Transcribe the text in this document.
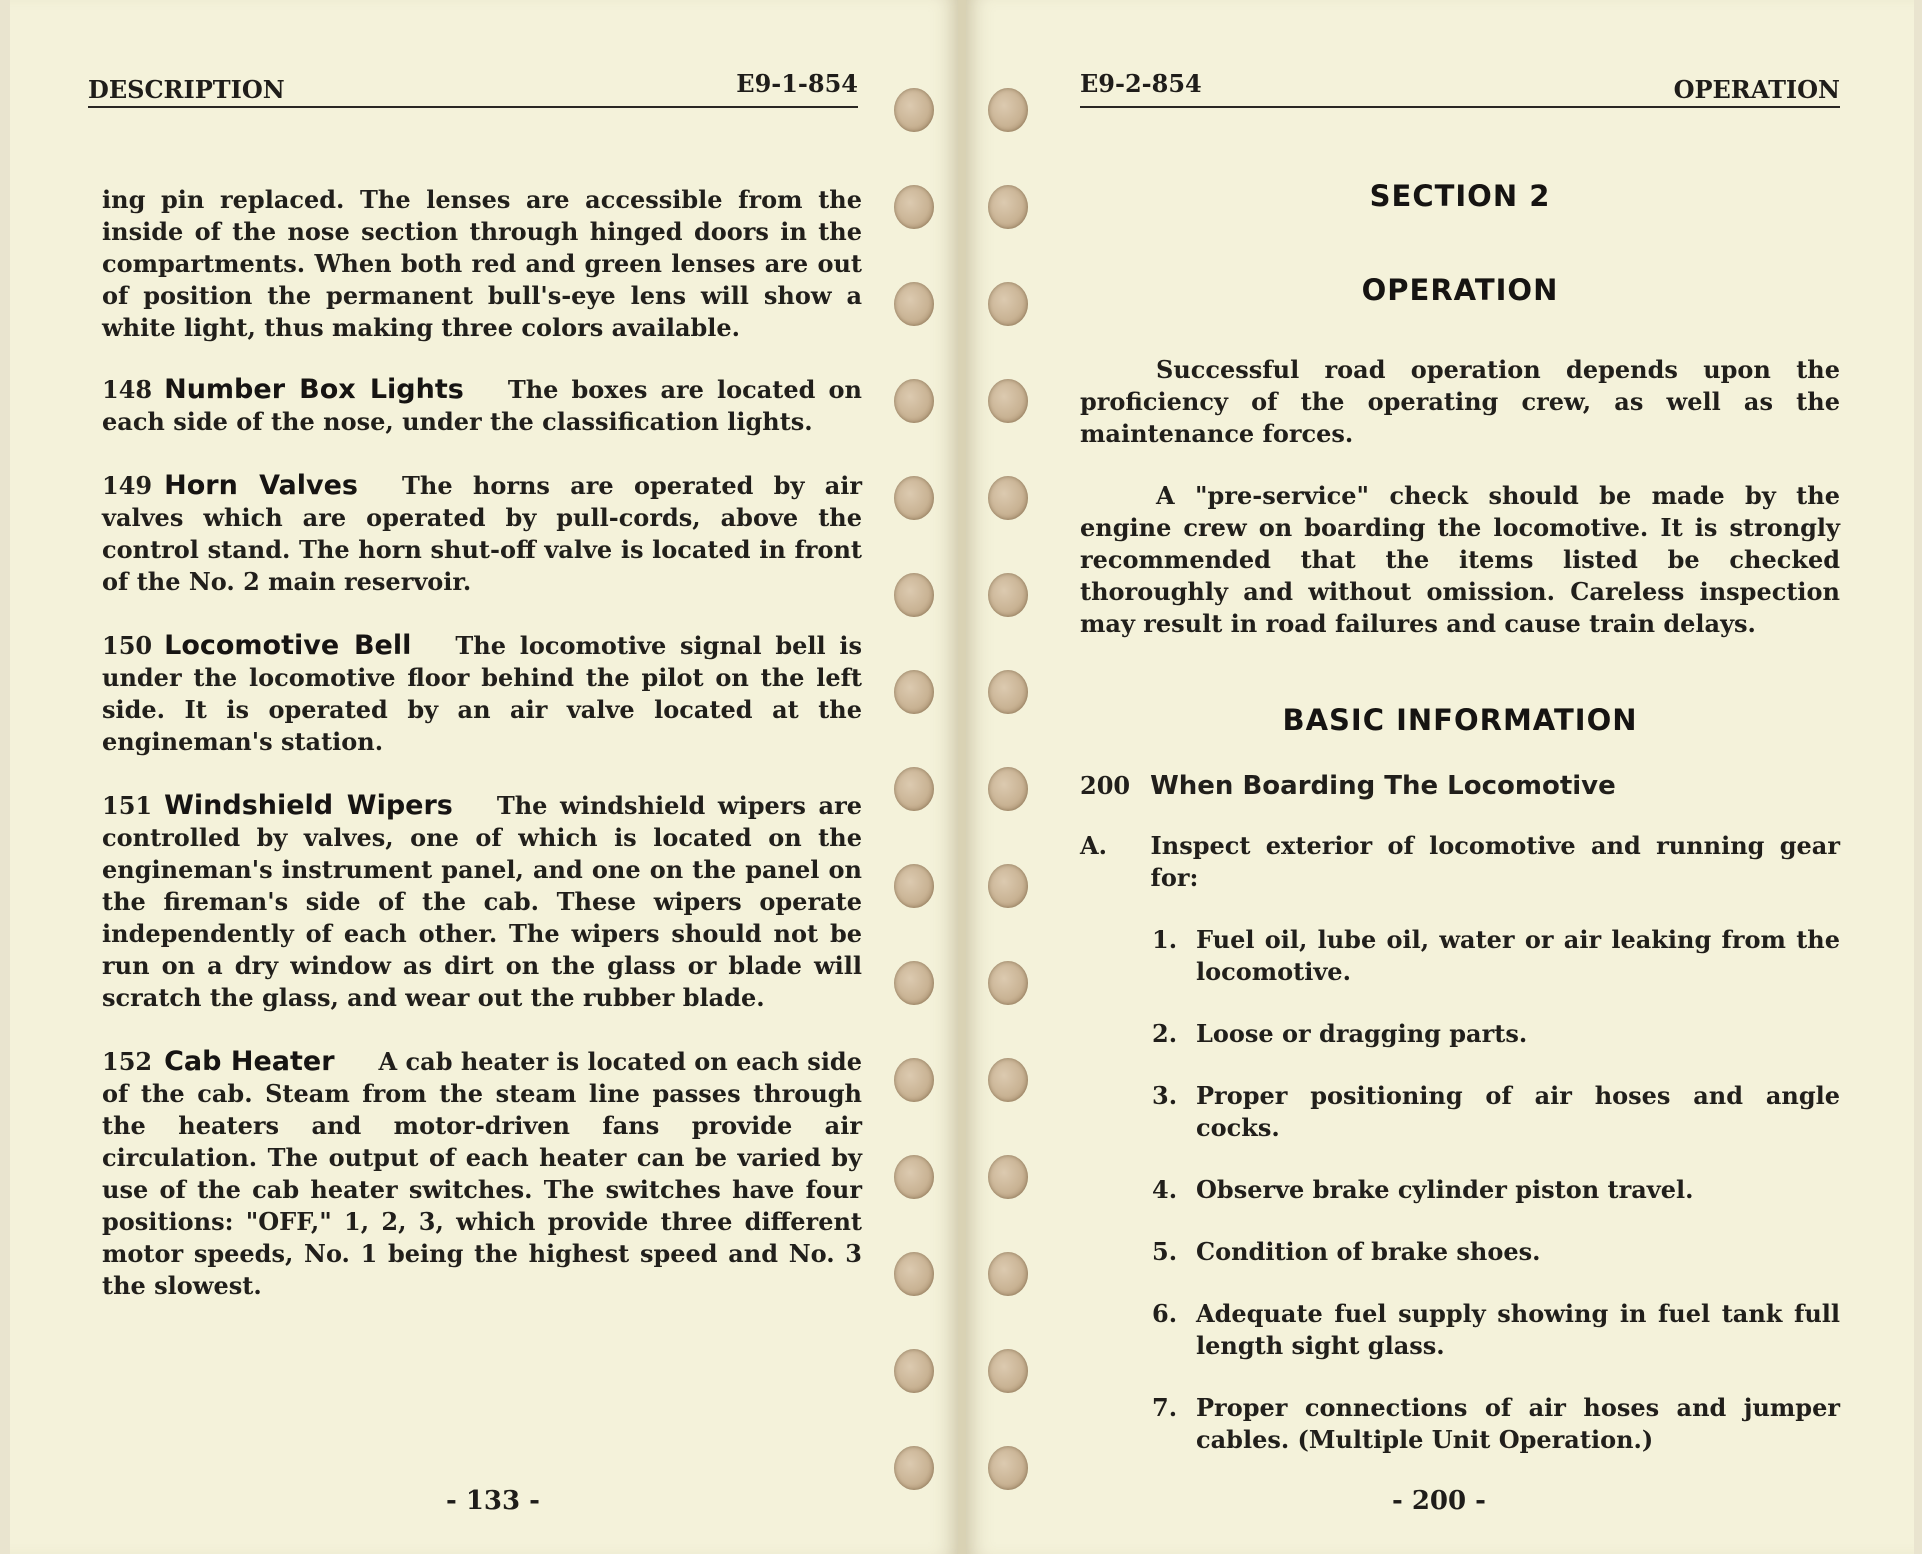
DESCRIPTION	E9-1-854

ing pin replaced. The lenses are accessible from the inside of the nose section through hinged doors in the compartments. When both red and green lenses are out of position the permanent bull's-eye lens will show a white light, thus making three colors available.

148 Number Box Lights The boxes are located on each side of the nose, under the classification lights.
149 Horn Valves The horns are operated by air valves which are operated by pull-cords, above the control stand. The horn shut-off valve is located in front of the No. 2 main reservoir.
150 Locomotive Bell The locomotive signal bell is under the locomotive floor behind the pilot on the left side. It is operated by an air valve located at the engineman's station.
151 Windshield Wipers The windshield wipers are controlled by valves, one of which is located on the engineman's instrument panel, and one on the panel on the fireman's side of the cab. These wipers operate independently of each other. The wipers should not be run on a dry window as dirt on the glass or blade will scratch the glass, and wear out the rubber blade.
152 Cab Heater A cab heater is located on each side of the cab. Steam from the steam line passes through the heaters and motor-driven fans provide air circulation. The output of each heater can be varied by use of the cab heater switches. The switches have four positions: "OFF," 1, 2, 3, which provide three different motor speeds, No. 1 being the highest speed and No. 3 the slowest.
- 133 -
E9-2-854	OPERATION
SECTION 2
OPERATION

Successful road operation depends upon the proficiency of the operating crew, as well as the maintenance forces.

A "pre-service" check should be made by the engine crew on boarding the locomotive. It is strongly recommended that the items listed be checked thoroughly and without omission. Careless inspection may result in road failures and cause train delays.

BASIC INFORMATION
200 When Boarding The Locomotive
A.	Inspect exterior of locomotive and running gear for:
1. Fuel oil, lube oil, water or air leaking from the locomotive.
2. Loose or dragging parts.
3. Proper positioning of air hoses and angle cocks.
4. Observe brake cylinder piston travel.
5. Condition of brake shoes.
6. Adequate fuel supply showing in fuel tank full length sight glass.
7. Proper connections of air hoses and jumper cables. (Multiple Unit Operation.)
- 200 -
